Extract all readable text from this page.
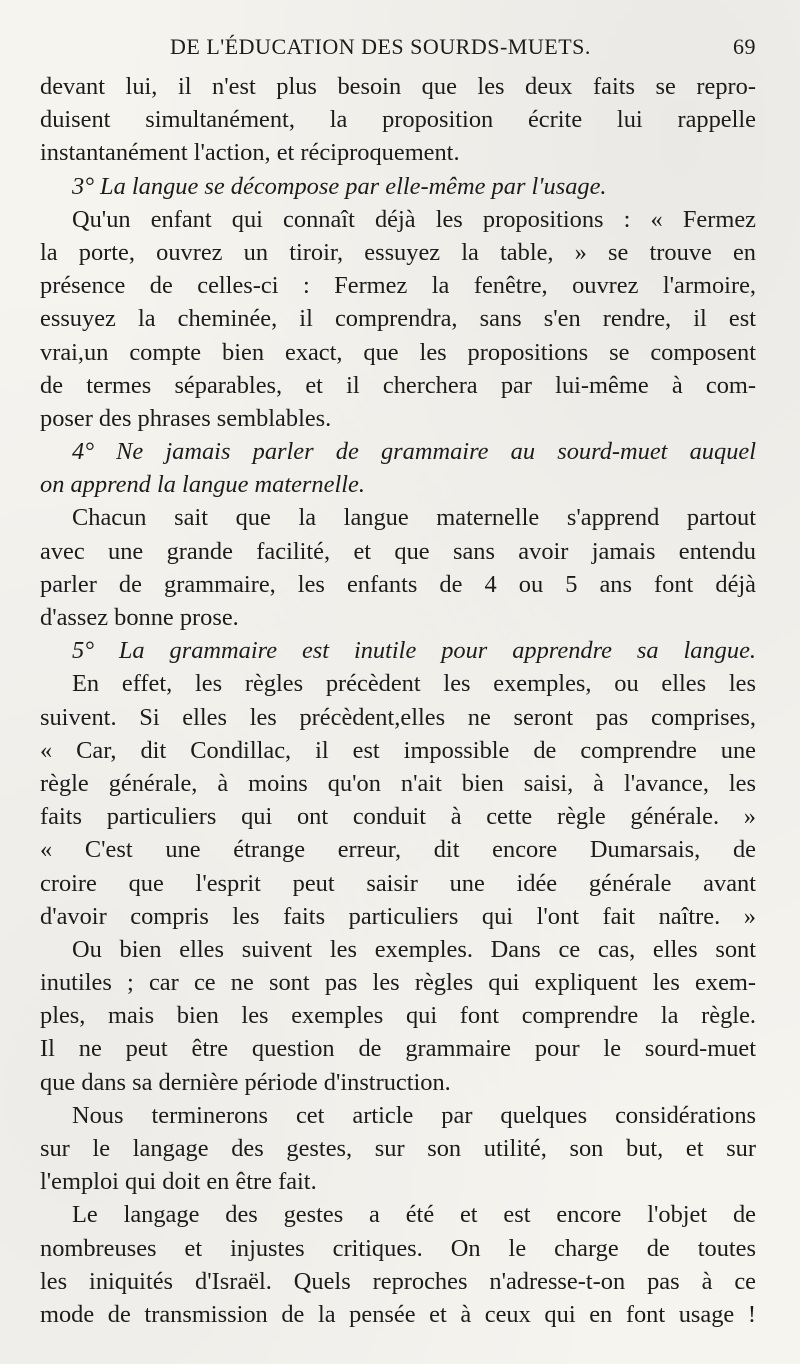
DE L'ÉDUCATION DES SOURDS-MUETS.	69
devant lui, il n'est plus besoin que les deux faits se repro-
duisent simultanément, la proposition écrite lui rappelle
instantanément l'action, et réciproquement.
3° La langue se décompose par elle-même par l'usage.
Qu'un enfant qui connaît déjà les propositions : « Fermez
la porte, ouvrez un tiroir, essuyez la table, » se trouve en
présence de celles-ci : Fermez la fenêtre, ouvrez l'armoire,
essuyez la cheminée, il comprendra, sans s'en rendre, il est
vrai,un compte bien exact, que les propositions se composent
de termes séparables, et il cherchera par lui-même à com-
poser des phrases semblables.
4° Ne jamais parler de grammaire au sourd-muet auquel
on apprend la langue maternelle.
Chacun sait que la langue maternelle s'apprend partout
avec une grande facilité, et que sans avoir jamais entendu
parler de grammaire, les enfants de 4 ou 5 ans font déjà
d'assez bonne prose.
5° La grammaire est inutile pour apprendre sa langue.
En effet, les règles précèdent les exemples, ou elles les
suivent. Si elles les précèdent,elles ne seront pas comprises,
« Car, dit Condillac, il est impossible de comprendre une
règle générale, à moins qu'on n'ait bien saisi, à l'avance, les
faits particuliers qui ont conduit à cette règle générale. »
« C'est une étrange erreur, dit encore Dumarsais, de
croire que l'esprit peut saisir une idée générale avant
d'avoir compris les faits particuliers qui l'ont fait naître. »
Ou bien elles suivent les exemples. Dans ce cas, elles sont
inutiles ; car ce ne sont pas les règles qui expliquent les exem-
ples, mais bien les exemples qui font comprendre la règle.
Il ne peut être question de grammaire pour le sourd-muet
que dans sa dernière période d'instruction.
Nous terminerons cet article par quelques considérations
sur le langage des gestes, sur son utilité, son but, et sur
l'emploi qui doit en être fait.
Le langage des gestes a été et est encore l'objet de
nombreuses et injustes critiques. On le charge de toutes
les iniquités d'Israël. Quels reproches n'adresse-t-on pas à ce
mode de transmission de la pensée et à ceux qui en font usage !
